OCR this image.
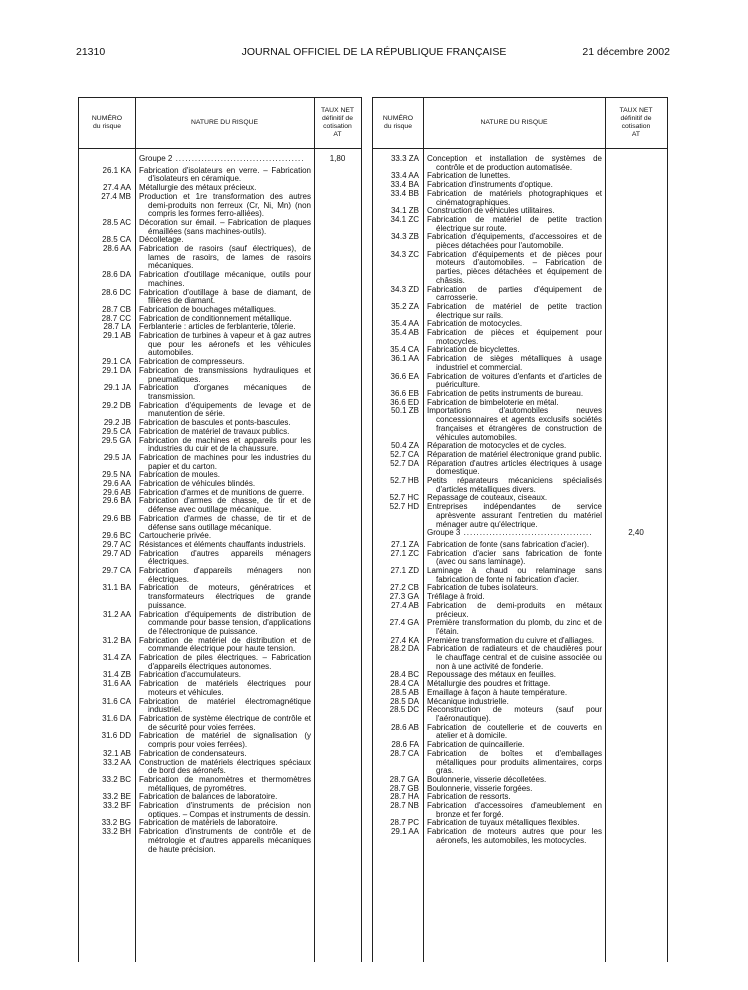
21310	JOURNAL OFFICIEL DE LA RÉPUBLIQUE FRANÇAISE	21 décembre 2002
NUMÉRO
du risque
NATURE DU RISQUE
TAUX NET
définitif de
cotisation
AT
Groupe 2 ........................................	1,80
26.1 KA	Fabrication d'isolateurs en verre. – Fabrication d'isolateurs en céramique.
27.4 AA	Métallurgie des métaux précieux.
27.4 MB	Production et 1re transformation des autres demi-produits non ferreux (Cr, Ni, Mn) (non compris les formes ferro-alliées).
28.5 AC	Décoration sur émail. – Fabrication de plaques émaillées (sans machines-outils).
28.5 CA	Décolletage.
28.6 AA	Fabrication de rasoirs (sauf électriques), de lames de rasoirs, de lames de rasoirs mécaniques.
28.6 DA	Fabrication d'outillage mécanique, outils pour machines.
28.6 DC	Fabrication d'outillage à base de diamant, de filières de diamant.
28.7 CB	Fabrication de bouchages métalliques.
28.7 CC	Fabrication de conditionnement métallique.
28.7 LA	Ferblanterie : articles de ferblanterie, tôlerie.
29.1 AB	Fabrication de turbines à vapeur et à gaz autres que pour les aéronefs et les véhicules automobiles.
29.1 CA	Fabrication de compresseurs.
29.1 DA	Fabrication de transmissions hydrauliques et pneumatiques.
29.1 JA	Fabrication d'organes mécaniques de transmission.
29.2 DB	Fabrication d'équipements de levage et de manutention de série.
29.2 JB	Fabrication de bascules et ponts-bascules.
29.5 CA	Fabrication de matériel de travaux publics.
29.5 GA	Fabrication de machines et appareils pour les industries du cuir et de la chaussure.
29.5 JA	Fabrication de machines pour les industries du papier et du carton.
29.5 NA	Fabrication de moules.
29.6 AA	Fabrication de véhicules blindés.
29.6 AB	Fabrication d'armes et de munitions de guerre.
29.6 BA	Fabrication d'armes de chasse, de tir et de défense avec outillage mécanique.
29.6 BB	Fabrication d'armes de chasse, de tir et de défense sans outillage mécanique.
29.6 BC	Cartoucherie privée.
29.7 AC	Résistances et éléments chauffants industriels.
29.7 AD	Fabrication d'autres appareils ménagers électriques.
29.7 CA	Fabrication d'appareils ménagers non électriques.
31.1 BA	Fabrication de moteurs, génératrices et transformateurs électriques de grande puissance.
31.2 AA	Fabrication d'équipements de distribution de commande pour basse tension, d'applications de l'électronique de puissance.
31.2 BA	Fabrication de matériel de distribution et de commande électrique pour haute tension.
31.4 ZA	Fabrication de piles électriques. – Fabrication d'appareils électriques autonomes.
31.4 ZB	Fabrication d'accumulateurs.
31.6 AA	Fabrication de matériels électriques pour moteurs et véhicules.
31.6 CA	Fabrication de matériel électromagnétique industriel.
31.6 DA	Fabrication de système électrique de contrôle et de sécurité pour voies ferrées.
31.6 DD	Fabrication de matériel de signalisation (y compris pour voies ferrées).
32.1 AB	Fabrication de condensateurs.
33.2 AA	Construction de matériels électriques spéciaux de bord des aéronefs.
33.2 BC	Fabrication de manomètres et thermomètres métalliques, de pyrométres.
33.2 BE	Fabrication de balances de laboratoire.
33.2 BF	Fabrication d'instruments de précision non optiques. – Compas et instruments de dessin.
33.2 BG	Fabrication de matériels de laboratoire.
33.2 BH	Fabrication d'instruments de contrôle et de métrologie et d'autres appareils mécaniques de haute précision.
NUMÉRO
du risque
NATURE DU RISQUE
TAUX NET
définitif de
cotisation
AT
33.3 ZA	Conception et installation de systèmes de contrôle et de production automatisée.
33.4 AA	Fabrication de lunettes.
33.4 BA	Fabrication d'instruments d'optique.
33.4 BB	Fabrication de matériels photographiques et cinématographiques.
34.1 ZB	Construction de véhicules utilitaires.
34.1 ZC	Fabrication de matériel de petite traction électrique sur route.
34.3 ZB	Fabrication d'équipements, d'accessoires et de pièces détachées pour l'automobile.
34.3 ZC	Fabrication d'équipements et de pièces pour moteurs d'automobiles. – Fabrication de parties, pièces détachées et équipement de châssis.
34.3 ZD	Fabrication de parties d'équipement de carrosserie.
35.2 ZA	Fabrication de matériel de petite traction électrique sur rails.
35.4 AA	Fabrication de motocycles.
35.4 AB	Fabrication de pièces et équipement pour motocycles.
35.4 CA	Fabrication de bicyclettes.
36.1 AA	Fabrication de sièges métalliques à usage industriel et commercial.
36.6 EA	Fabrication de voitures d'enfants et d'articles de puériculture.
36.6 EB	Fabrication de petits instruments de bureau.
36.6 ED	Fabrication de bimbeloterie en métal.
50.1 ZB	Importations d'automobiles neuves concessionnaires et agents exclusifs sociétés françaises et étrangères de construction de véhicules automobiles.
50.4 ZA	Réparation de motocycles et de cycles.
52.7 CA	Réparation de matériel électronique grand public.
52.7 DA	Réparation d'autres articles électriques à usage domestique.
52.7 HB	Petits réparateurs mécaniciens spécialisés d'articles métalliques divers.
52.7 HC	Repassage de couteaux, ciseaux.
52.7 HD	Entreprises indépendantes de service aprèsvente assurant l'entretien du matériel ménager autre qu'électrique.
Groupe 3 ........................................	2,40
27.1 ZA	Fabrication de fonte (sans fabrication d'acier).
27.1 ZC	Fabrication d'acier sans fabrication de fonte (avec ou sans laminage).
27.1 ZD	Laminage à chaud ou relaminage sans fabrication de fonte ni fabrication d'acier.
27.2 CB	Fabrication de tubes isolateurs.
27.3 GA	Tréfilage à froid.
27.4 AB	Fabrication de demi-produits en métaux précieux.
27.4 GA	Première transformation du plomb, du zinc et de l'étain.
27.4 KA	Première transformation du cuivre et d'alliages.
28.2 DA	Fabrication de radiateurs et de chaudières pour le chauffage central et de cuisine associée ou non à une activité de fonderie.
28.4 BC	Repoussage des métaux en feuilles.
28.4 CA	Métallurgie des poudres et frittage.
28.5 AB	Emaillage à façon à haute température.
28.5 DA	Mécanique industrielle.
28.5 DC	Reconstruction de moteurs (sauf pour l'aéronautique).
28.6 AB	Fabrication de coutellerie et de couverts en atelier et à domicile.
28.6 FA	Fabrication de quincaillerie.
28.7 CA	Fabrication de boîtes et d'emballages métalliques pour produits alimentaires, corps gras.
28.7 GA	Boulonnerie, visserie décolletées.
28.7 GB	Boulonnerie, visserie forgées.
28.7 HA	Fabrication de ressorts.
28.7 NB	Fabrication d'accessoires d'ameublement en bronze et fer forgé.
28.7 PC	Fabrication de tuyaux métalliques flexibles.
29.1 AA	Fabrication de moteurs autres que pour les aéronefs, les automobiles, les motocycles.
